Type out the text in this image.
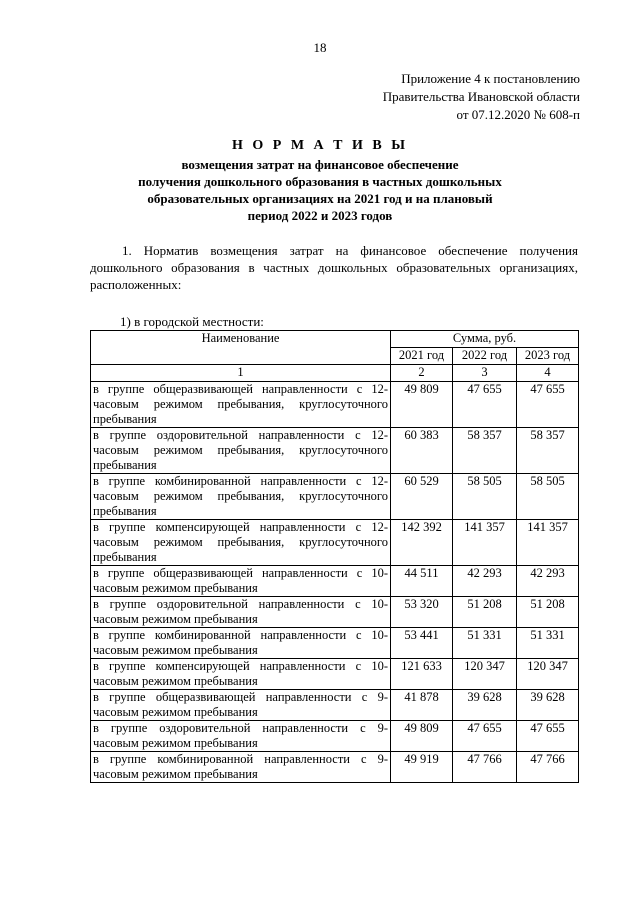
18
Приложение 4 к постановлению
Правительства Ивановской области
от 07.12.2020 № 608-п
Н О Р М А Т И В Ы
возмещения затрат на финансовое обеспечение
получения дошкольного образования в частных дошкольных
образовательных организациях на 2021 год и на плановый
период 2022 и 2023 годов
1. Норматив возмещения затрат на финансовое обеспечение получения дошкольного образования в частных дошкольных образовательных организациях, расположенных:
1) в городской местности:
Наименование	Сумма, руб.		
	2021 год	2022 год	2023 год
1	2	3	4
в группе общеразвивающей направленности с 12-часовым режимом пребывания, круглосуточного пребывания	49 809	47 655	47 655
в группе оздоровительной направленности с 12-часовым режимом пребывания, круглосуточного пребывания	60 383	58 357	58 357
в группе комбинированной направленности с 12-часовым режимом пребывания, круглосуточного пребывания	60 529	58 505	58 505
в группе компенсирующей направленности с 12-часовым режимом пребывания, круглосуточного пребывания	142 392	141 357	141 357
в группе общеразвивающей направленности с 10-часовым режимом пребывания	44 511	42 293	42 293
в группе оздоровительной направленности с 10-часовым режимом пребывания	53 320	51 208	51 208
в группе комбинированной направленности с 10-часовым режимом пребывания	53 441	51 331	51 331
в группе компенсирующей направленности с 10-часовым режимом пребывания	121 633	120 347	120 347
в группе общеразвивающей направленности с 9-часовым режимом пребывания	41 878	39 628	39 628
в группе оздоровительной направленности с 9-часовым режимом пребывания	49 809	47 655	47 655
в группе комбинированной направленности с 9-часовым режимом пребывания	49 919	47 766	47 766
